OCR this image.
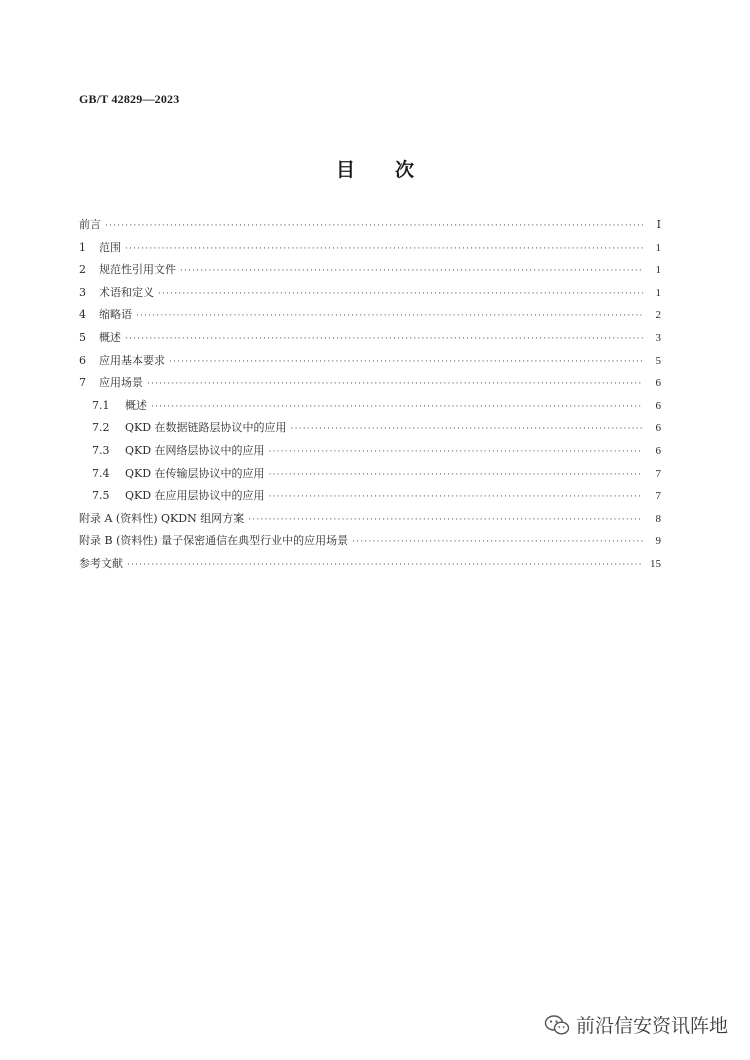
GB/T 42829—2023
目 次
前言 ·····	Ⅰ
1	范围 ·····	1
2	规范性引用文件 ·····	1
3	术语和定义 ·····	1
4	缩略语 ·····	2
5	概述 ·····	3
6	应用基本要求 ·····	5
7	应用场景 ·····	6
7.1	概述 ·····	6
7.2	QKD 在数据链路层协议中的应用 ·····	6
7.3	QKD 在网络层协议中的应用 ·····	6
7.4	QKD 在传输层协议中的应用 ·····	7
7.5	QKD 在应用层协议中的应用 ·····	7
附录 A (资料性) QKDN 组网方案 ·····	8
附录 B (资料性) 量子保密通信在典型行业中的应用场景 ·····	9
参考文献 ·····	15
前沿信安资讯阵地
